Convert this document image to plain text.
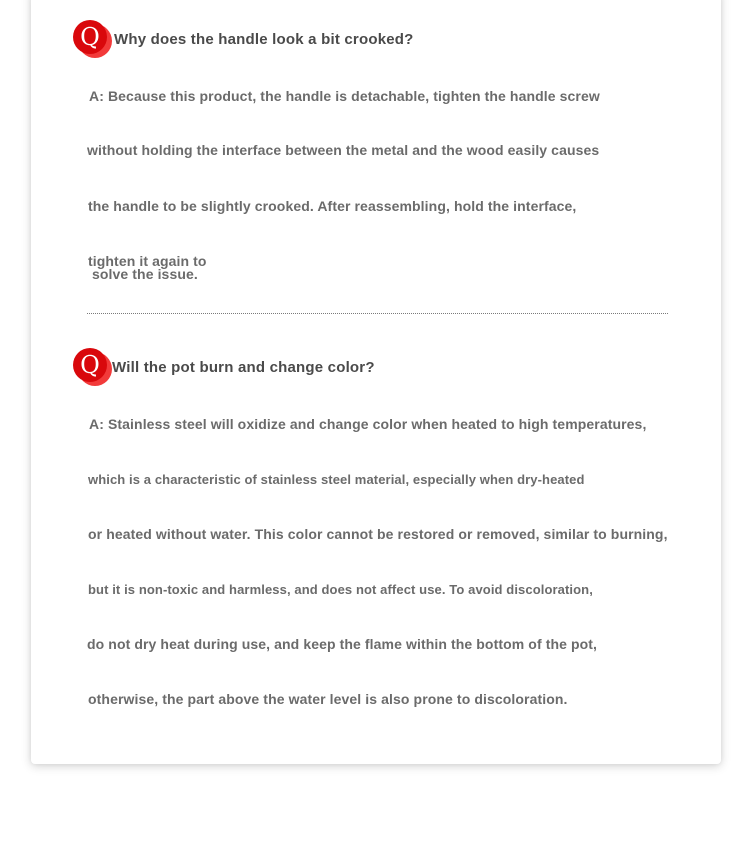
Q Why does the handle look a bit crooked?
A: Because this product, the handle is detachable, tighten the handle screw
without holding the interface between the metal and the wood easily causes
the handle to be slightly crooked. After reassembling, hold the interface,
tighten it again to
solve the issue.
Q Will the pot burn and change color?
A: Stainless steel will oxidize and change color when heated to high temperatures,
which is a characteristic of stainless steel material, especially when dry-heated
or heated without water. This color cannot be restored or removed, similar to burning,
but it is non-toxic and harmless, and does not affect use. To avoid discoloration,
do not dry heat during use, and keep the flame within the bottom of the pot,
otherwise, the part above the water level is also prone to discoloration.
